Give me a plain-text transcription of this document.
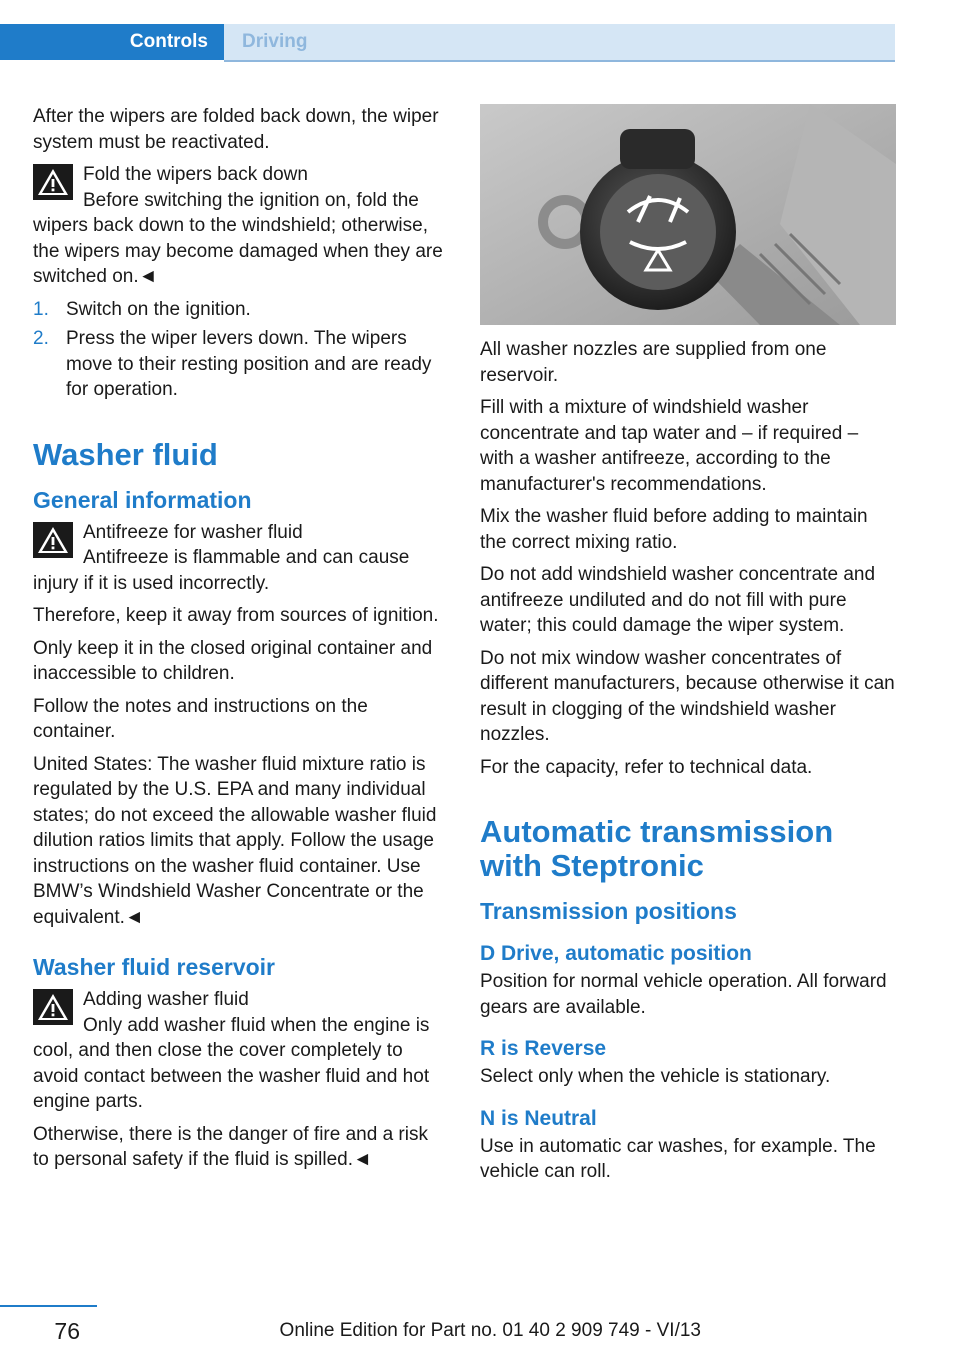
Controls	Driving

After the wipers are folded back down, the wiper system must be reactivated.

Fold the wipers back down
Before switching the ignition on, fold the
wipers back down to the windshield; otherwise, the wipers may become damaged when they are switched on.◄
1. Switch on the ignition.
2. Press the wiper levers down. The wipers move to their resting position and are ready for operation.
Washer fluid
General information
Antifreeze for washer fluid
Antifreeze is flammable and can cause
injury if it is used incorrectly.

Therefore, keep it away from sources of ignition.

Only keep it in the closed original container and inaccessible to children.

Follow the notes and instructions on the container.

United States: The washer fluid mixture ratio is regulated by the U.S. EPA and many individual states; do not exceed the allowable washer fluid dilution ratios limits that apply. Follow the usage instructions on the washer fluid container. Use BMW’s Windshield Washer Concentrate or the equivalent.◄

Washer fluid reservoir
Adding washer fluid
Only add washer fluid when the engine is
cool, and then close the cover completely to avoid contact between the washer fluid and hot engine parts.

Otherwise, there is the danger of fire and a risk to personal safety if the fluid is spilled.◄

All washer nozzles are supplied from one reservoir.

Fill with a mixture of windshield washer concentrate and tap water and – if required – with a washer antifreeze, according to the manufacturer's recommendations.

Mix the washer fluid before adding to maintain the correct mixing ratio.

Do not add windshield washer concentrate and antifreeze undiluted and do not fill with pure water; this could damage the wiper system.

Do not mix window washer concentrates of different manufacturers, because otherwise it can result in clogging of the windshield washer nozzles.

For the capacity, refer to technical data.

Automatic transmission with Steptronic
Transmission positions
D Drive, automatic position

Position for normal vehicle operation. All forward gears are available.

R is Reverse

Select only when the vehicle is stationary.

N is Neutral

Use in automatic car washes, for example. The vehicle can roll.

76	Online Edition for Part no. 01 40 2 909 749 - VI/13
